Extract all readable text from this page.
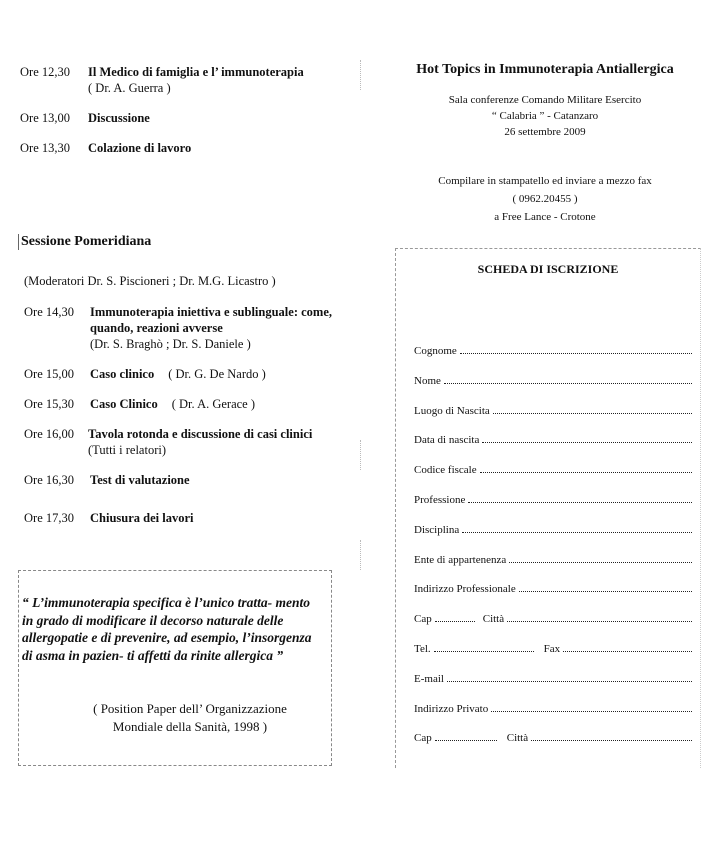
Ore 12,30	Il Medico di famiglia e l’ immunoterapia
( Dr. A. Guerra )
Ore 13,00	Discussione
Ore 13,30	Colazione di lavoro
Sessione Pomeridiana
(Moderatori Dr. S. Piscioneri ; Dr. M.G. Licastro )
Ore 14,30	Immunoterapia iniettiva e sublinguale: come, quando, reazioni avverse
(Dr. S. Braghò ; Dr. S. Daniele )
Ore 15,00	Caso clinico ( Dr. G. De Nardo )
Ore 15,30	Caso Clinico ( Dr. A. Gerace )
Ore 16,00	Tavola rotonda e discussione di casi clinici
(Tutti i relatori)
Ore 16,30	Test di valutazione
Ore 17,30	Chiusura dei lavori
“ L’immunoterapia specifica è l’unico tratta- mento in grado di modificare il decorso naturale delle allergopatie e di prevenire, ad esempio, l’insorgenza di asma in pazien- ti affetti da rinite allergica ”
( Position Paper dell’ Organizzazione Mondiale della Sanità, 1998 )
Hot Topics in Immunoterapia Antiallergica
Sala conferenze Comando Militare Esercito
“ Calabria ” - Catanzaro
26 settembre 2009
Compilare in stampatello ed inviare a mezzo fax
( 0962.20455 )
a Free Lance - Crotone
SCHEDA DI ISCRIZIONE
Cognome
Nome
Luogo di Nascita
Data di nascita
Codice fiscale
Professione
Disciplina
Ente di appartenenza
Indirizzo Professionale
Cap	Città
Tel.	Fax
E-mail
Indirizzo Privato
Cap	Città
